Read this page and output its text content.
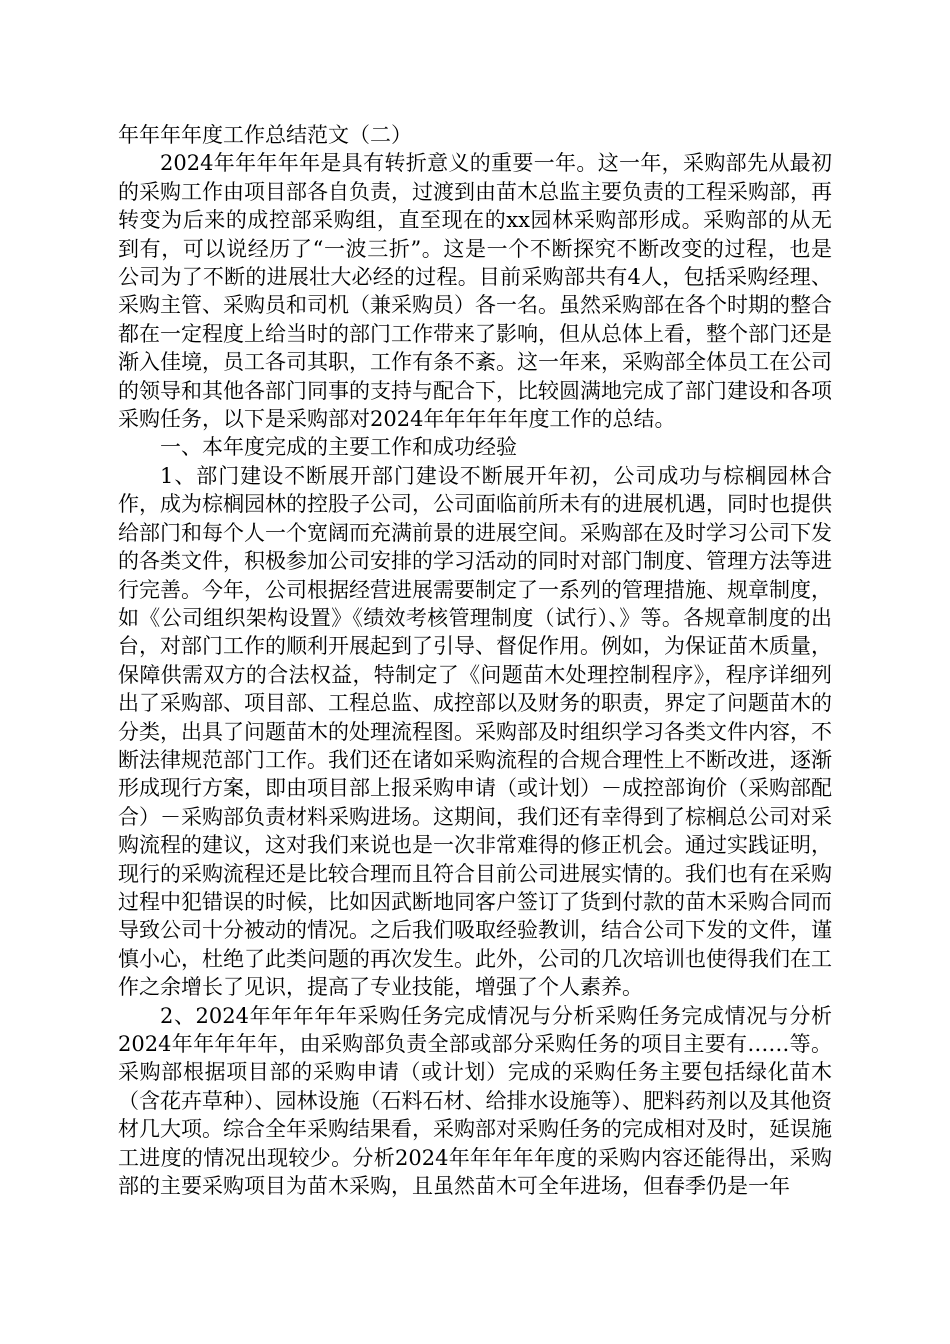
年年年年度工作总结范文（二）

2024年年年年年是具有转折意义的重要一年。这一年，采购部先从最初的采购工作由项目部各自负责，过渡到由苗木总监主要负责的工程采购部，再转变为后来的成控部采购组，直至现在的xx园林采购部形成。采购部的从无到有，可以说经历了“一波三折”。这是一个不断探究不断改变的过程，也是公司为了不断的进展壮大必经的过程。目前采购部共有4人，包括采购经理、采购主管、采购员和司机（兼采购员）各一名。虽然采购部在各个时期的整合都在一定程度上给当时的部门工作带来了影响，但从总体上看，整个部门还是渐入佳境，员工各司其职，工作有条不紊。这一年来，采购部全体员工在公司的领导和其他各部门同事的支持与配合下，比较圆满地完成了部门建设和各项采购任务，以下是采购部对2024年年年年年度工作的总结。

一、本年度完成的主要工作和成功经验

1、部门建设不断展开部门建设不断展开年初，公司成功与棕榈园林合作，成为棕榈园林的控股子公司，公司面临前所未有的进展机遇，同时也提供给部门和每个人一个宽阔而充满前景的进展空间。采购部在及时学习公司下发的各类文件，积极参加公司安排的学习活动的同时对部门制度、管理方法等进行完善。今年，公司根据经营进展需要制定了一系列的管理措施、规章制度，如《公司组织架构设置》《绩效考核管理制度（试行）、》等。各规章制度的出台，对部门工作的顺利开展起到了引导、督促作用。例如，为保证苗木质量，保障供需双方的合法权益，特制定了《问题苗木处理控制程序》，程序详细列出了采购部、项目部、工程总监、成控部以及财务的职责，界定了问题苗木的分类，出具了问题苗木的处理流程图。采购部及时组织学习各类文件内容，不断法律规范部门工作。我们还在诸如采购流程的合规合理性上不断改进，逐渐形成现行方案，即由项目部上报采购申请（或计划）－成控部询价（采购部配合）－采购部负责材料采购进场。这期间，我们还有幸得到了棕榈总公司对采购流程的建议，这对我们来说也是一次非常难得的修正机会。通过实践证明，现行的采购流程还是比较合理而且符合目前公司进展实情的。我们也有在采购过程中犯错误的时候，比如因武断地同客户签订了货到付款的苗木采购合同而导致公司十分被动的情况。之后我们吸取经验教训，结合公司下发的文件，谨慎小心，杜绝了此类问题的再次发生。此外，公司的几次培训也使得我们在工作之余增长了见识，提高了专业技能，增强了个人素养。

2、2024年年年年年采购任务完成情况与分析采购任务完成情况与分析2024年年年年年，由采购部负责全部或部分采购任务的项目主要有……等。采购部根据项目部的采购申请（或计划）完成的采购任务主要包括绿化苗木（含花卉草种）、园林设施（石料石材、给排水设施等）、肥料药剂以及其他资材几大项。综合全年采购结果看，采购部对采购任务的完成相对及时，延误施工进度的情况出现较少。分析2024年年年年年度的采购内容还能得出，采购部的主要采购项目为苗木采购，且虽然苗木可全年进场，但春季仍是一年
